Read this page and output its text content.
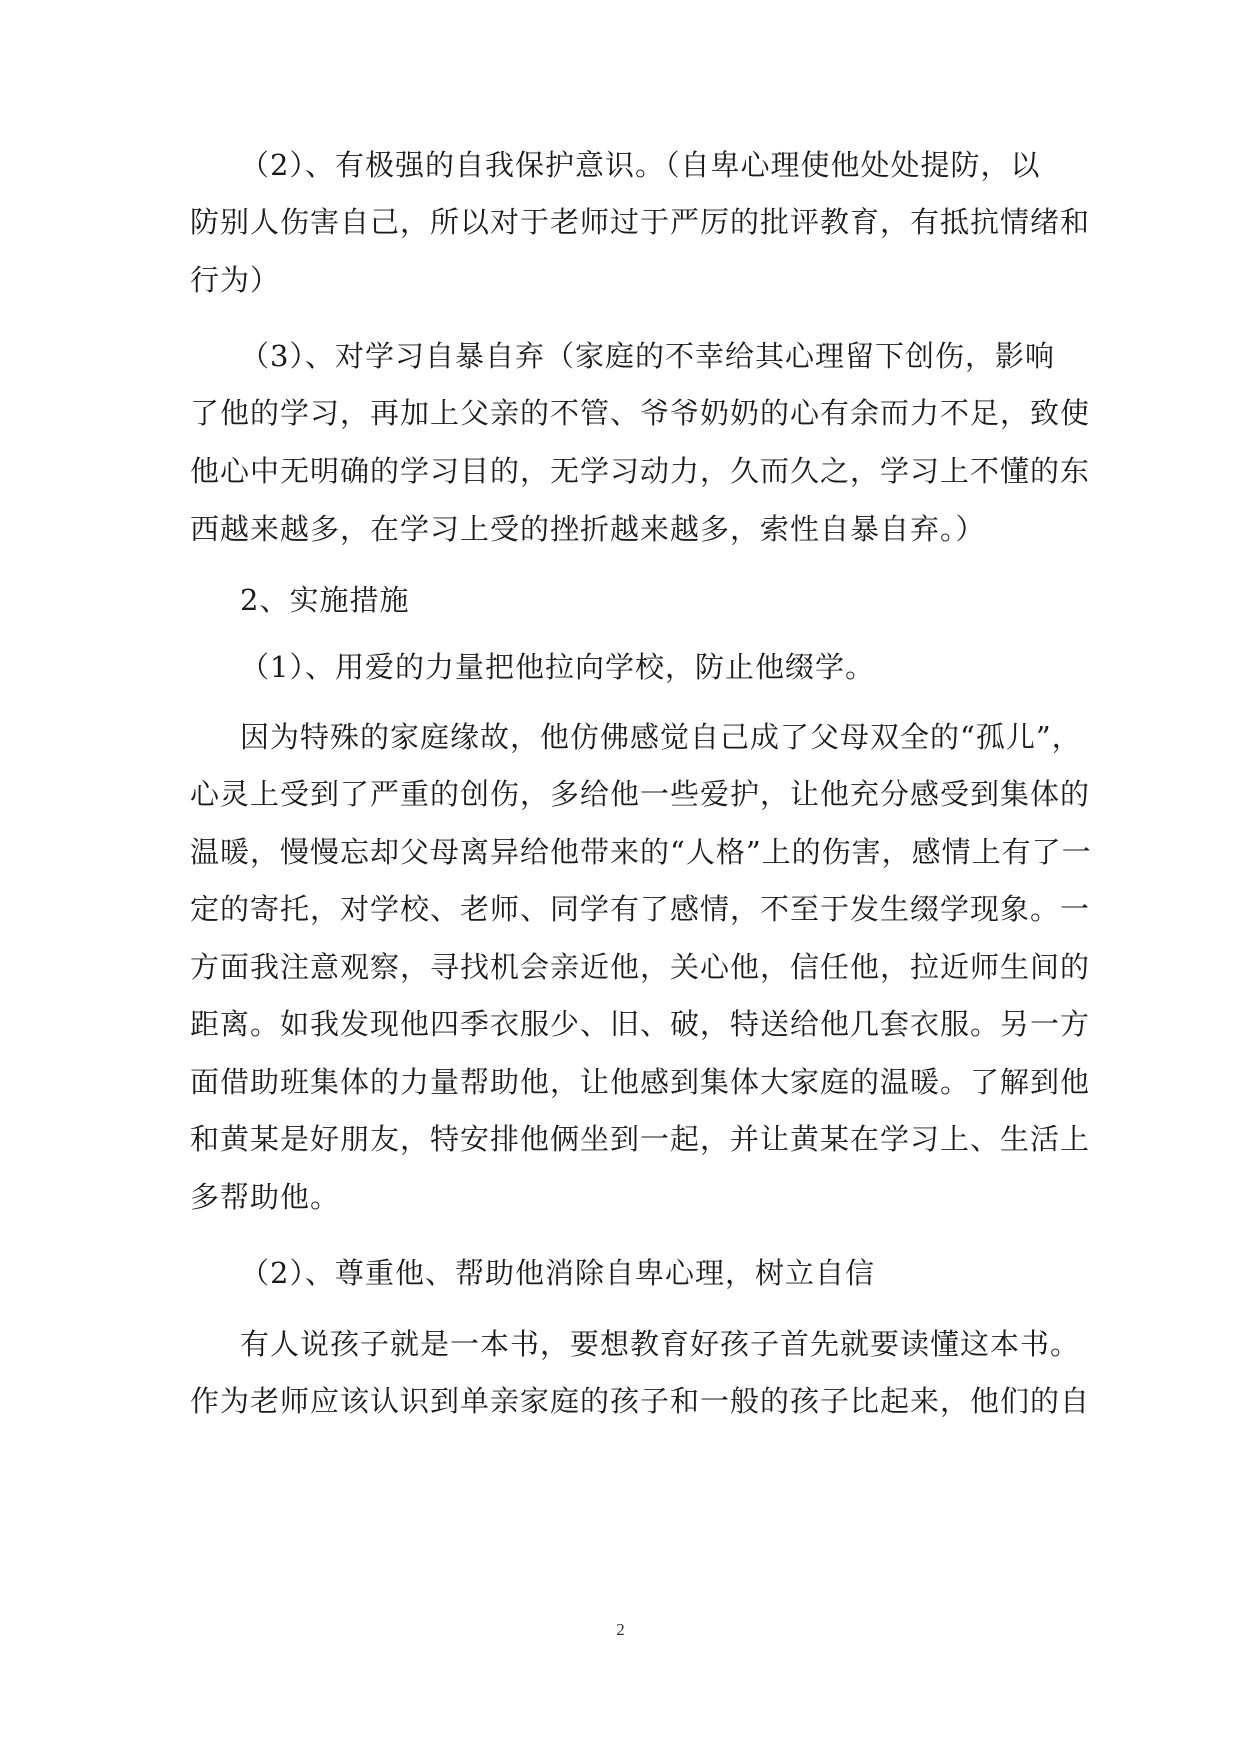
（2）、有极强的自我保护意识。（自卑心理使他处处提防，以
防别人伤害自己，所以对于老师过于严厉的批评教育，有抵抗情绪和
行为）
（3）、对学习自暴自弃（家庭的不幸给其心理留下创伤，影响
了他的学习，再加上父亲的不管、爷爷奶奶的心有余而力不足，致使
他心中无明确的学习目的，无学习动力，久而久之，学习上不懂的东
西越来越多，在学习上受的挫折越来越多，索性自暴自弃。）
2、实施措施
（1）、用爱的力量把他拉向学校，防止他缀学。
因为特殊的家庭缘故，他仿佛感觉自己成了父母双全的“孤儿”，
心灵上受到了严重的创伤，多给他一些爱护，让他充分感受到集体的
温暖，慢慢忘却父母离异给他带来的“人格”上的伤害，感情上有了一
定的寄托，对学校、老师、同学有了感情，不至于发生缀学现象。一
方面我注意观察，寻找机会亲近他，关心他，信任他，拉近师生间的
距离。如我发现他四季衣服少、旧、破，特送给他几套衣服。另一方
面借助班集体的力量帮助他，让他感到集体大家庭的温暖。了解到他
和黄某是好朋友，特安排他俩坐到一起，并让黄某在学习上、生活上
多帮助他。
（2）、尊重他、帮助他消除自卑心理，树立自信
有人说孩子就是一本书，要想教育好孩子首先就要读懂这本书。
作为老师应该认识到单亲家庭的孩子和一般的孩子比起来，他们的自
2
